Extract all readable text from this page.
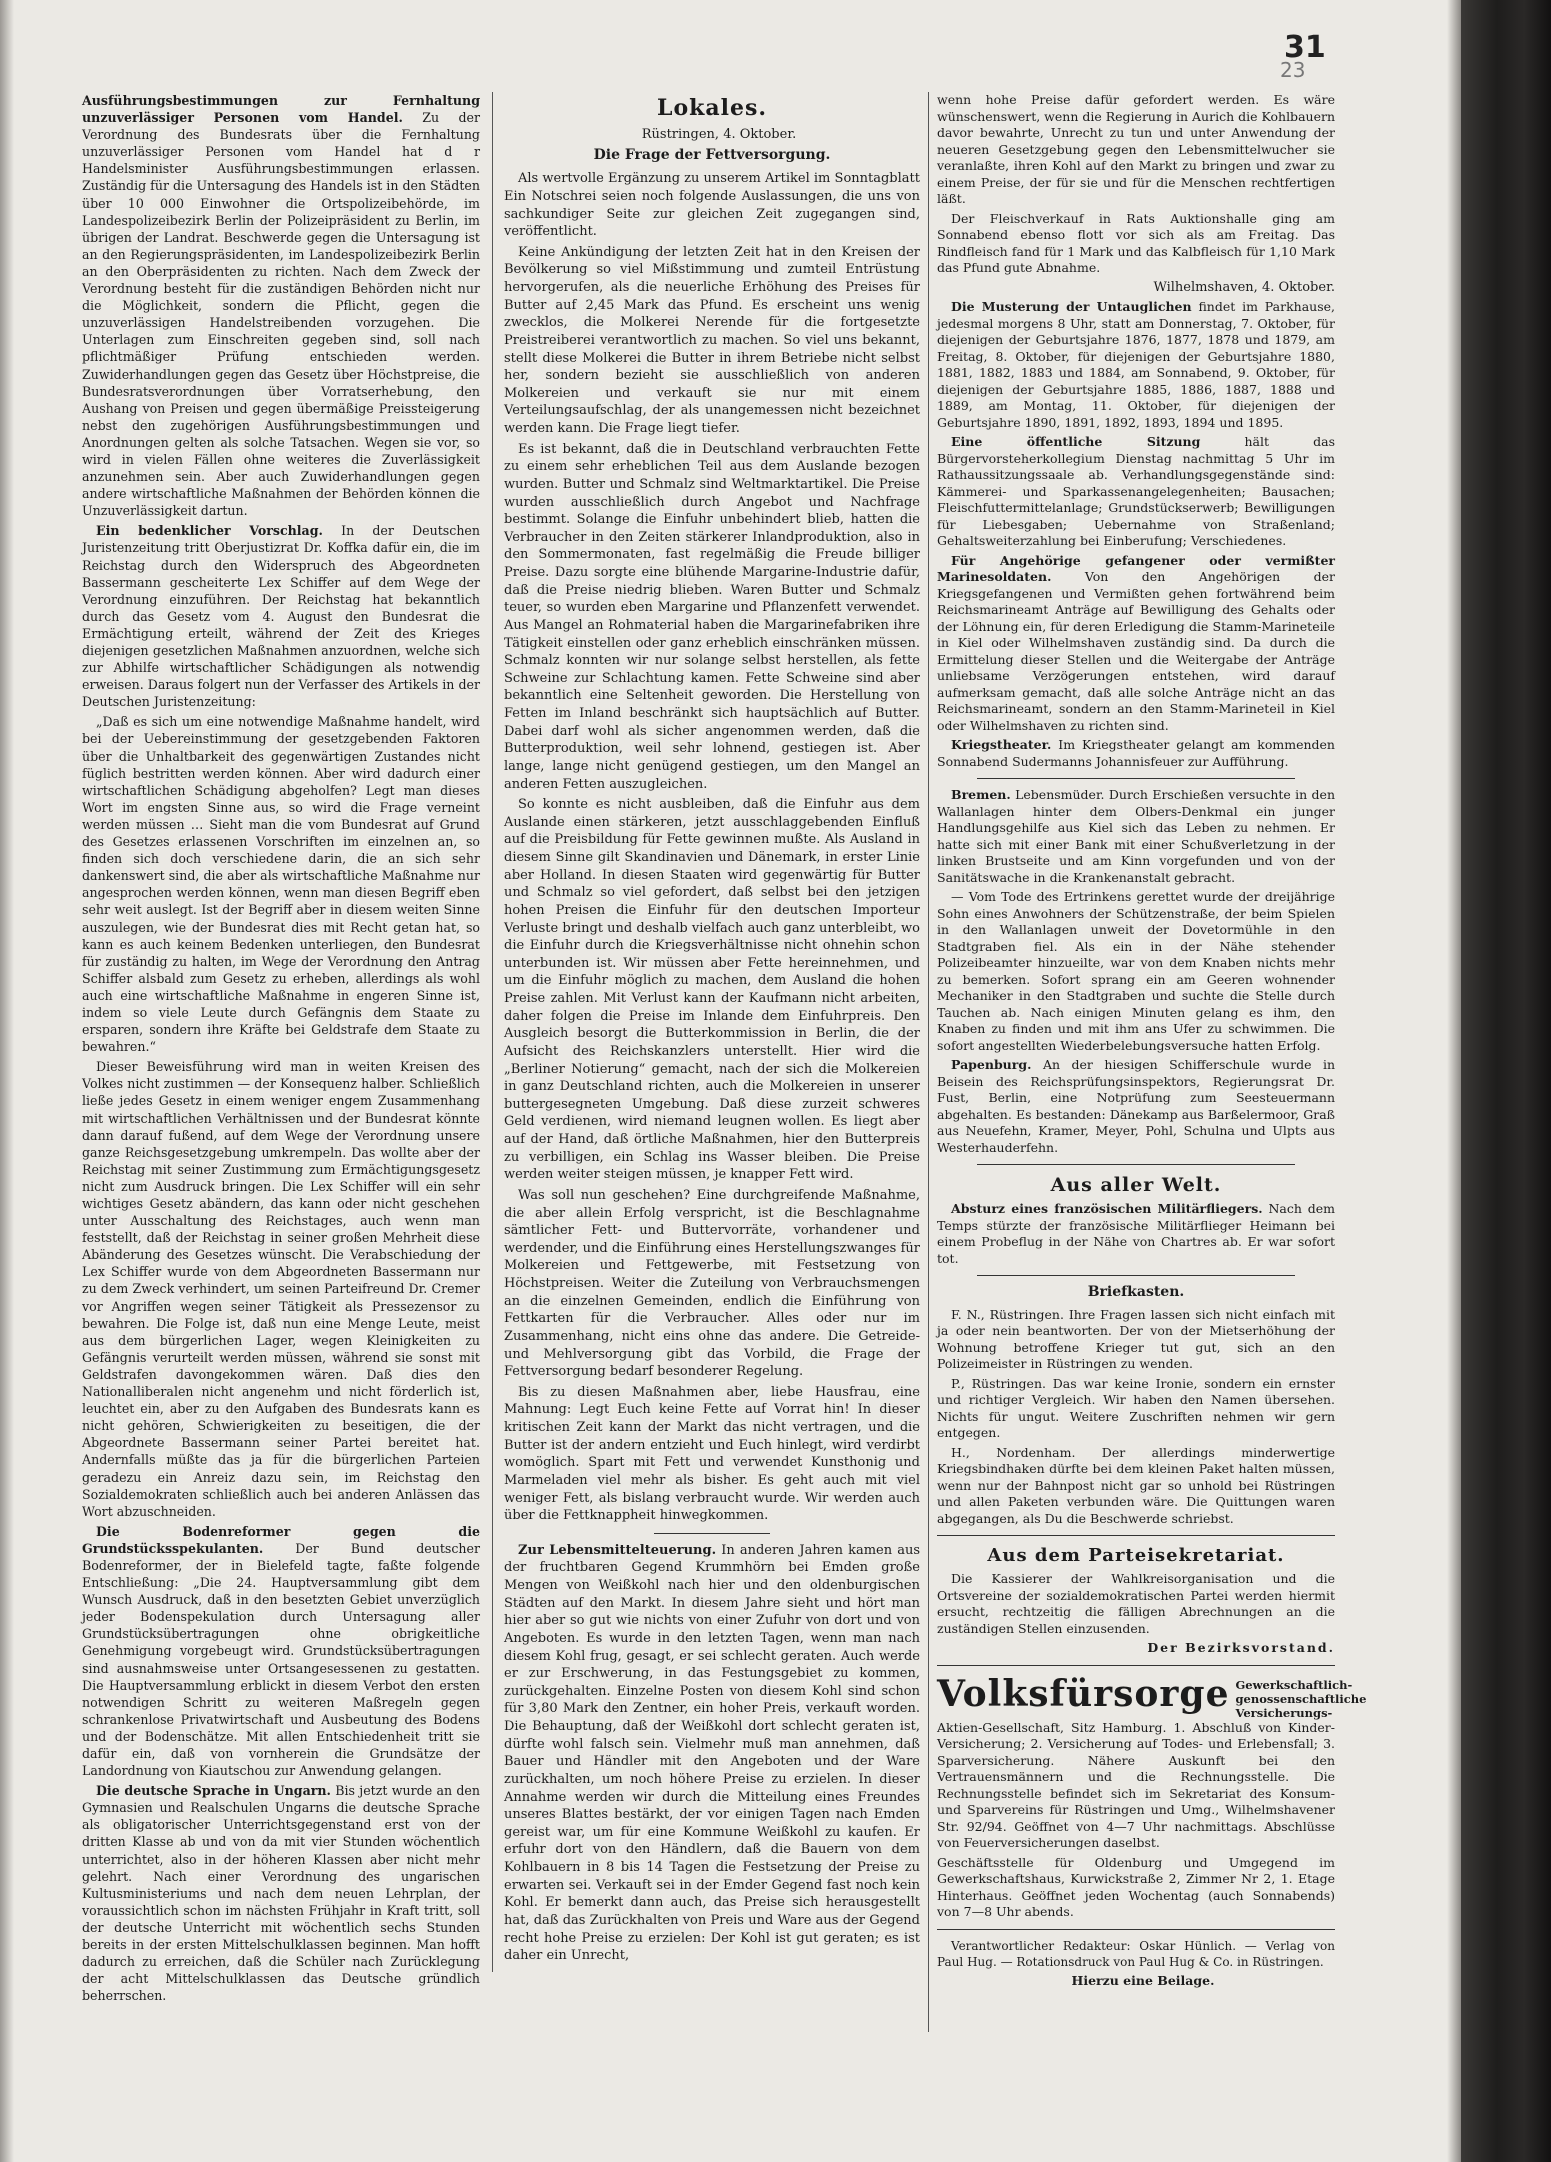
31
23

Ausführungsbestimmungen zur Fernhaltung unzuverlässiger Personen vom Handel. Zu der Verordnung des Bundesrats über die Fernhaltung unzuverlässiger Personen vom Handel hat d r Handelsminister Ausführungsbestimmungen erlassen. Zuständig für die Untersagung des Handels ist in den Städten über 10 000 Einwohner die Ortspolizeibehörde, im Landespolizeibezirk Berlin der Polizeipräsident zu Berlin, im übrigen der Landrat. Beschwerde gegen die Untersagung ist an den Regierungspräsidenten, im Landespolizeibezirk Berlin an den Oberpräsidenten zu richten. Nach dem Zweck der Verordnung besteht für die zuständigen Behörden nicht nur die Möglichkeit, sondern die Pflicht, gegen die unzuverlässigen Handelstreibenden vorzugehen. Die Unterlagen zum Einschreiten gegeben sind, soll nach pflichtmäßiger Prüfung entschieden werden. Zuwiderhandlungen gegen das Gesetz über Höchstpreise, die Bundesratsverordnungen über Vorratserhebung, den Aushang von Preisen und gegen übermäßige Preissteigerung nebst den zugehörigen Ausführungsbestimmungen und Anordnungen gelten als solche Tatsachen. Wegen sie vor, so wird in vielen Fällen ohne weiteres die Zuverlässigkeit anzunehmen sein. Aber auch Zuwiderhandlungen gegen andere wirtschaftliche Maßnahmen der Behörden können die Unzuverlässigkeit dartun.

Ein bedenklicher Vorschlag. In der Deutschen Juristenzeitung tritt Oberjustizrat Dr. Koffka dafür ein, die im Reichstag durch den Widerspruch des Abgeordneten Bassermann gescheiterte Lex Schiffer auf dem Wege der Verordnung einzuführen. Der Reichstag hat bekanntlich durch das Gesetz vom 4. August den Bundesrat die Ermächtigung erteilt, während der Zeit des Krieges diejenigen gesetzlichen Maßnahmen anzuordnen, welche sich zur Abhilfe wirtschaftlicher Schädigungen als notwendig erweisen. Daraus folgert nun der Verfasser des Artikels in der Deutschen Juristenzeitung:

„Daß es sich um eine notwendige Maßnahme handelt, wird bei der Uebereinstimmung der gesetzgebenden Faktoren über die Unhaltbarkeit des gegenwärtigen Zustandes nicht füglich bestritten werden können. Aber wird dadurch einer wirtschaftlichen Schädigung abgeholfen? Legt man dieses Wort im engsten Sinne aus, so wird die Frage verneint werden müssen … Sieht man die vom Bundesrat auf Grund des Gesetzes erlassenen Vorschriften im einzelnen an, so finden sich doch verschiedene darin, die an sich sehr dankenswert sind, die aber als wirtschaftliche Maßnahme nur angesprochen werden können, wenn man diesen Begriff eben sehr weit auslegt. Ist der Begriff aber in diesem weiten Sinne auszulegen, wie der Bundesrat dies mit Recht getan hat, so kann es auch keinem Bedenken unterliegen, den Bundesrat für zuständig zu halten, im Wege der Verordnung den Antrag Schiffer alsbald zum Gesetz zu erheben, allerdings als wohl auch eine wirtschaftliche Maßnahme in engeren Sinne ist, indem so viele Leute durch Gefängnis dem Staate zu ersparen, sondern ihre Kräfte bei Geldstrafe dem Staate zu bewahren.“

Dieser Beweisführung wird man in weiten Kreisen des Volkes nicht zustimmen — der Konsequenz halber. Schließlich ließe jedes Gesetz in einem weniger engem Zusammenhang mit wirtschaftlichen Verhältnissen und der Bundesrat könnte dann darauf fußend, auf dem Wege der Verordnung unsere ganze Reichsgesetzgebung umkrempeln. Das wollte aber der Reichstag mit seiner Zustimmung zum Ermächtigungsgesetz nicht zum Ausdruck bringen. Die Lex Schiffer will ein sehr wichtiges Gesetz abändern, das kann oder nicht geschehen unter Ausschaltung des Reichstages, auch wenn man feststellt, daß der Reichstag in seiner großen Mehrheit diese Abänderung des Gesetzes wünscht. Die Verabschiedung der Lex Schiffer wurde von dem Abgeordneten Bassermann nur zu dem Zweck verhindert, um seinen Parteifreund Dr. Cremer vor Angriffen wegen seiner Tätigkeit als Pressezensor zu bewahren. Die Folge ist, daß nun eine Menge Leute, meist aus dem bürgerlichen Lager, wegen Kleinigkeiten zu Gefängnis verurteilt werden müssen, während sie sonst mit Geldstrafen davongekommen wären. Daß dies den Nationalliberalen nicht angenehm und nicht förderlich ist, leuchtet ein, aber zu den Aufgaben des Bundesrats kann es nicht gehören, Schwierigkeiten zu beseitigen, die der Abgeordnete Bassermann seiner Partei bereitet hat. Andernfalls müßte das ja für die bürgerlichen Parteien geradezu ein Anreiz dazu sein, im Reichstag den Sozialdemokraten schließlich auch bei anderen Anlässen das Wort abzuschneiden.

Die Bodenreformer gegen die Grundstücksspekulanten.	Der Bund deutscher Bodenreformer, der in Bielefeld tagte, faßte folgende Entschließung: „Die 24. Hauptversammlung gibt dem Wunsch Ausdruck, daß in den besetzten Gebiet unverzüglich jeder Bodenspekulation durch Untersagung aller Grundstücksübertragungen ohne obrigkeitliche Genehmigung vorgebeugt wird. Grundstücksübertragungen sind ausnahmsweise unter Ortsangesessenen zu gestatten. Die Hauptversammlung erblickt in diesem Verbot den ersten notwendigen Schritt zu weiteren Maßregeln gegen schrankenlose Privatwirtschaft und Ausbeutung des Bodens und der Bodenschätze. Mit allen Entschiedenheit tritt sie dafür ein, daß von vornherein die Grundsätze der Landordnung von Kiautschou zur Anwendung gelangen.

Die deutsche Sprache in Ungarn. Bis jetzt wurde an den Gymnasien und Realschulen Ungarns die deutsche Sprache als obligatorischer Unterrichtsgegenstand erst von der dritten Klasse ab und von da mit vier Stunden wöchentlich unterrichtet, also in der höheren Klassen aber nicht mehr gelehrt. Nach einer Verordnung des ungarischen Kultusministeriums und nach dem neuen Lehrplan, der voraussichtlich schon im nächsten Frühjahr in Kraft tritt, soll der deutsche Unterricht mit wöchentlich sechs Stunden bereits in der ersten Mittelschulklassen beginnen. Man hofft dadurch zu erreichen, daß die Schüler nach Zurücklegung der acht Mittelschulklassen das Deutsche gründlich beherrschen.

Lokales.

Rüstringen, 4. Oktober.

Die Frage der Fettversorgung.

Als wertvolle Ergänzung zu unserem Artikel im Sonntagblatt Ein Notschrei seien noch folgende Auslassungen, die uns von sachkundiger Seite zur gleichen Zeit zugegangen sind, veröffentlicht.

Keine Ankündigung der letzten Zeit hat in den Kreisen der Bevölkerung so viel Mißstimmung und zumteil Entrüstung hervorgerufen, als die neuerliche Erhöhung des Preises für Butter auf 2,45 Mark das Pfund. Es erscheint uns wenig zwecklos, die Molkerei Nerende für die fortgesetzte Preistreiberei verantwortlich zu machen. So viel uns bekannt, stellt diese Molkerei die Butter in ihrem Betriebe nicht selbst her, sondern bezieht sie ausschließlich von anderen Molkereien und verkauft sie nur mit einem Verteilungsaufschlag, der als unangemessen nicht bezeichnet werden kann. Die Frage liegt tiefer.

Es ist bekannt, daß die in Deutschland verbrauchten Fette zu einem sehr erheblichen Teil aus dem Auslande bezogen wurden. Butter und Schmalz sind Weltmarktartikel. Die Preise wurden ausschließlich durch Angebot und Nachfrage bestimmt. Solange die Einfuhr unbehindert blieb, hatten die Verbraucher in den Zeiten stärkerer Inlandproduktion, also in den Sommermonaten, fast regelmäßig die Freude billiger Preise. Dazu sorgte eine blühende Margarine-Industrie dafür, daß die Preise niedrig blieben. Waren Butter und Schmalz teuer, so wurden eben Margarine und Pflanzenfett verwendet. Aus Mangel an Rohmaterial haben die Margarinefabriken ihre Tätigkeit einstellen oder ganz erheblich einschränken müssen. Schmalz konnten wir nur solange selbst herstellen, als fette Schweine zur Schlachtung kamen. Fette Schweine sind aber bekanntlich eine Seltenheit geworden. Die Herstellung von Fetten im Inland beschränkt sich hauptsächlich auf Butter. Dabei darf wohl als sicher angenommen werden, daß die Butterproduktion, weil sehr lohnend, gestiegen ist. Aber lange, lange nicht genügend gestiegen, um den Mangel an anderen Fetten auszugleichen.

So konnte es nicht ausbleiben, daß die Einfuhr aus dem Auslande einen stärkeren, jetzt ausschlaggebenden Einfluß auf die Preisbildung für Fette gewinnen mußte. Als Ausland in diesem Sinne gilt Skandinavien und Dänemark, in erster Linie aber Holland. In diesen Staaten wird gegenwärtig für Butter und Schmalz so viel gefordert, daß selbst bei den jetzigen hohen Preisen die Einfuhr für den deutschen Importeur Verluste bringt und deshalb vielfach auch ganz unterbleibt, wo die Einfuhr durch die Kriegsverhältnisse nicht ohnehin schon unterbunden ist. Wir müssen aber Fette hereinnehmen, und um die Einfuhr möglich zu machen, dem Ausland die hohen Preise zahlen. Mit Verlust kann der Kaufmann nicht arbeiten, daher folgen die Preise im Inlande dem Einfuhrpreis. Den Ausgleich besorgt die Butterkommission in Berlin, die der Aufsicht des Reichskanzlers unterstellt. Hier wird die „Berliner Notierung“ gemacht, nach der sich die Molkereien in ganz Deutschland richten, auch die Molkereien in unserer buttergesegneten Umgebung. Daß diese zurzeit schweres Geld verdienen, wird niemand leugnen wollen. Es liegt aber auf der Hand, daß örtliche Maßnahmen, hier den Butterpreis zu verbilligen, ein Schlag ins Wasser bleiben. Die Preise werden weiter steigen müssen, je knapper Fett wird.

Was soll nun geschehen? Eine durchgreifende Maßnahme, die aber allein Erfolg verspricht, ist die Beschlagnahme sämtlicher Fett- und Buttervorräte, vorhandener und werdender, und die Einführung eines Herstellungszwanges für Molkereien und Fettgewerbe, mit Festsetzung von Höchstpreisen. Weiter die Zuteilung von Verbrauchsmengen an die einzelnen Gemeinden, endlich die Einführung von Fettkarten für die Verbraucher. Alles oder nur im Zusammenhang, nicht eins ohne das andere. Die Getreide- und Mehlversorgung gibt das Vorbild, die Frage der Fettversorgung bedarf besonderer Regelung.

Bis zu diesen Maßnahmen aber, liebe Hausfrau, eine Mahnung: Legt Euch keine Fette auf Vorrat hin! In dieser kritischen Zeit kann der Markt das nicht vertragen, und die Butter ist der andern entzieht und Euch hinlegt, wird verdirbt womöglich. Spart mit Fett und verwendet Kunsthonig und Marmeladen viel mehr als bisher. Es geht auch mit viel weniger Fett, als bislang verbraucht wurde. Wir werden auch über die Fettknappheit hinwegkommen.

Zur Lebensmittelteuerung. In anderen Jahren kamen aus der fruchtbaren Gegend Krummhörn bei Emden große Mengen von Weißkohl nach hier und den oldenburgischen Städten auf den Markt. In diesem Jahre sieht und hört man hier aber so gut wie nichts von einer Zufuhr von dort und von Angeboten. Es wurde in den letzten Tagen, wenn man nach diesem Kohl frug, gesagt, er sei schlecht geraten. Auch werde er zur Erschwerung, in das Festungsgebiet zu kommen, zurückgehalten. Einzelne Posten von diesem Kohl sind schon für 3,80 Mark den Zentner, ein hoher Preis, verkauft worden. Die Behauptung, daß der Weißkohl dort schlecht geraten ist, dürfte wohl falsch sein. Vielmehr muß man annehmen, daß Bauer und Händler mit den Angeboten und der Ware zurückhalten, um noch höhere Preise zu erzielen. In dieser Annahme werden wir durch die Mitteilung eines Freundes unseres Blattes bestärkt, der vor einigen Tagen nach Emden gereist war, um für eine Kommune Weißkohl zu kaufen. Er erfuhr dort von den Händlern, daß die Bauern von dem Kohlbauern in 8 bis 14 Tagen die Festsetzung der Preise zu erwarten sei. Verkauft sei in der Emder Gegend fast noch kein Kohl. Er bemerkt dann auch, das Preise sich herausgestellt hat, daß das Zurückhalten von Preis und Ware aus der Gegend recht hohe Preise zu erzielen: Der Kohl ist gut geraten; es ist daher ein Unrecht,

wenn hohe Preise dafür gefordert werden. Es wäre wünschenswert, wenn die Regierung in Aurich die Kohlbauern davor bewahrte, Unrecht zu tun und unter Anwendung der neueren Gesetzgebung gegen den Lebensmittelwucher sie veranlaßte, ihren Kohl auf den Markt zu bringen und zwar zu einem Preise, der für sie und für die Menschen rechtfertigen läßt.

Der Fleischverkauf in Rats Auktionshalle ging am Sonnabend ebenso flott vor sich als am Freitag. Das Rindfleisch fand für 1 Mark und das Kalbfleisch für 1,10 Mark das Pfund gute Abnahme.

Wilhelmshaven, 4. Oktober.

Die Musterung der Untauglichen findet im Parkhause, jedesmal morgens 8 Uhr, statt am Donnerstag, 7. Oktober, für diejenigen der Geburtsjahre 1876, 1877, 1878 und 1879, am Freitag, 8. Oktober, für diejenigen der Geburtsjahre 1880, 1881, 1882, 1883 und 1884, am Sonnabend, 9. Oktober, für diejenigen der Geburtsjahre 1885, 1886, 1887, 1888 und 1889, am Montag, 11. Oktober, für diejenigen der Geburtsjahre 1890, 1891, 1892, 1893, 1894 und 1895.

Eine öffentliche Sitzung	hält das Bürgervorsteherkollegium Dienstag nachmittag 5 Uhr im Rathaussitzungssaale ab. Verhandlungsgegenstände sind: Kämmerei- und Sparkassenangelegenheiten; Bausachen; Fleischfuttermittelanlage; Grundstückserwerb; Bewilligungen für Liebesgaben; Uebernahme von Straßenland; Gehaltsweiterzahlung bei Einberufung; Verschiedenes.

Für Angehörige gefangener oder vermißter Marinesoldaten.	Von den Angehörigen der Kriegsgefangenen und Vermißten gehen fortwährend beim Reichsmarineamt Anträge auf Bewilligung des Gehalts oder der Löhnung ein, für deren Erledigung die Stamm-Marineteile in Kiel oder Wilhelmshaven zuständig sind. Da durch die Ermittelung dieser Stellen und die Weitergabe der Anträge unliebsame Verzögerungen entstehen, wird darauf aufmerksam gemacht, daß alle solche Anträge nicht an das Reichsmarineamt, sondern an den Stamm-Marineteil in Kiel oder Wilhelmshaven zu richten sind.

Kriegstheater. Im Kriegstheater gelangt am kommenden Sonnabend Sudermanns Johannisfeuer zur Aufführung.

Bremen. Lebensmüder. Durch Erschießen versuchte in den Wallanlagen hinter dem Olbers-Denkmal ein junger Handlungsgehilfe aus Kiel sich das Leben zu nehmen. Er hatte sich mit einer Bank mit einer Schußverletzung in der linken Brustseite und am Kinn vorgefunden und von der Sanitätswache in die Krankenanstalt gebracht.

— Vom Tode des Ertrinkens gerettet wurde der dreijährige Sohn eines Anwohners der Schützenstraße, der beim Spielen in den Wallanlagen unweit der Dovetormühle in den Stadtgraben fiel. Als ein in der Nähe stehender Polizeibeamter hinzueilte, war von dem Knaben nichts mehr zu bemerken. Sofort sprang ein am Geeren wohnender Mechaniker in den Stadtgraben und suchte die Stelle durch Tauchen ab. Nach einigen Minuten gelang es ihm, den Knaben zu finden und mit ihm ans Ufer zu schwimmen. Die sofort angestellten Wiederbelebungsversuche hatten Erfolg.

Papenburg. An der hiesigen Schifferschule wurde in Beisein des Reichsprüfungsinspektors, Regierungsrat Dr. Fust, Berlin, eine Notprüfung zum Seesteuermann abgehalten. Es bestanden: Dänekamp aus Barßelermoor, Graß aus Neuefehn, Kramer, Meyer, Pohl, Schulna und Ulpts aus Westerhauderfehn.

Aus aller Welt.

Absturz eines französischen Militärfliegers. Nach dem Temps stürzte der französische Militärflieger Heimann bei einem Probeflug in der Nähe von Chartres ab. Er war sofort tot.

Briefkasten.

F. N., Rüstringen. Ihre Fragen lassen sich nicht einfach mit ja oder nein beantworten. Der von der Mietserhöhung der Wohnung betroffene Krieger tut gut, sich an den Polizeimeister in Rüstringen zu wenden.

P., Rüstringen. Das war keine Ironie, sondern ein ernster und richtiger Vergleich. Wir haben den Namen übersehen. Nichts für ungut. Weitere Zuschriften nehmen wir gern entgegen.

H., Nordenham. Der allerdings minderwertige Kriegsbindhaken dürfte bei dem kleinen Paket halten müssen, wenn nur der Bahnpost nicht gar so unhold bei Rüstringen und allen Paketen verbunden wäre. Die Quittungen waren abgegangen, als Du die Beschwerde schriebst.

Aus dem Parteisekretariat.

Die Kassierer der Wahlkreisorganisation und die Ortsvereine der sozialdemokratischen Partei werden hiermit ersucht, rechtzeitig die fälligen Abrechnungen an die zuständigen Stellen einzusenden.

Der Bezirksvorstand.

Volksfürsorge Gewerkschaftlich-genossenschaftliche Versicherungs-

Aktien-Gesellschaft, Sitz Hamburg. 1. Abschluß von Kinder-Versicherung; 2. Versicherung auf Todes- und Erlebensfall; 3. Sparversicherung. Nähere Auskunft bei den Vertrauensmännern und die Rechnungsstelle. Die Rechnungsstelle befindet sich im Sekretariat des Konsum- und Sparvereins für Rüstringen und Umg., Wilhelmshavener Str. 92/94. Geöffnet von 4—7 Uhr nachmittags. Abschlüsse von Feuerversicherungen daselbst.

Geschäftsstelle für Oldenburg und Umgegend im Gewerkschaftshaus, Kurwickstraße 2, Zimmer Nr 2, 1. Etage Hinterhaus. Geöffnet jeden Wochentag (auch Sonnabends) von 7—8 Uhr abends.

Verantwortlicher Redakteur: Oskar Hünlich. — Verlag von Paul Hug. — Rotationsdruck von Paul Hug & Co. in Rüstringen.

Hierzu eine Beilage.
